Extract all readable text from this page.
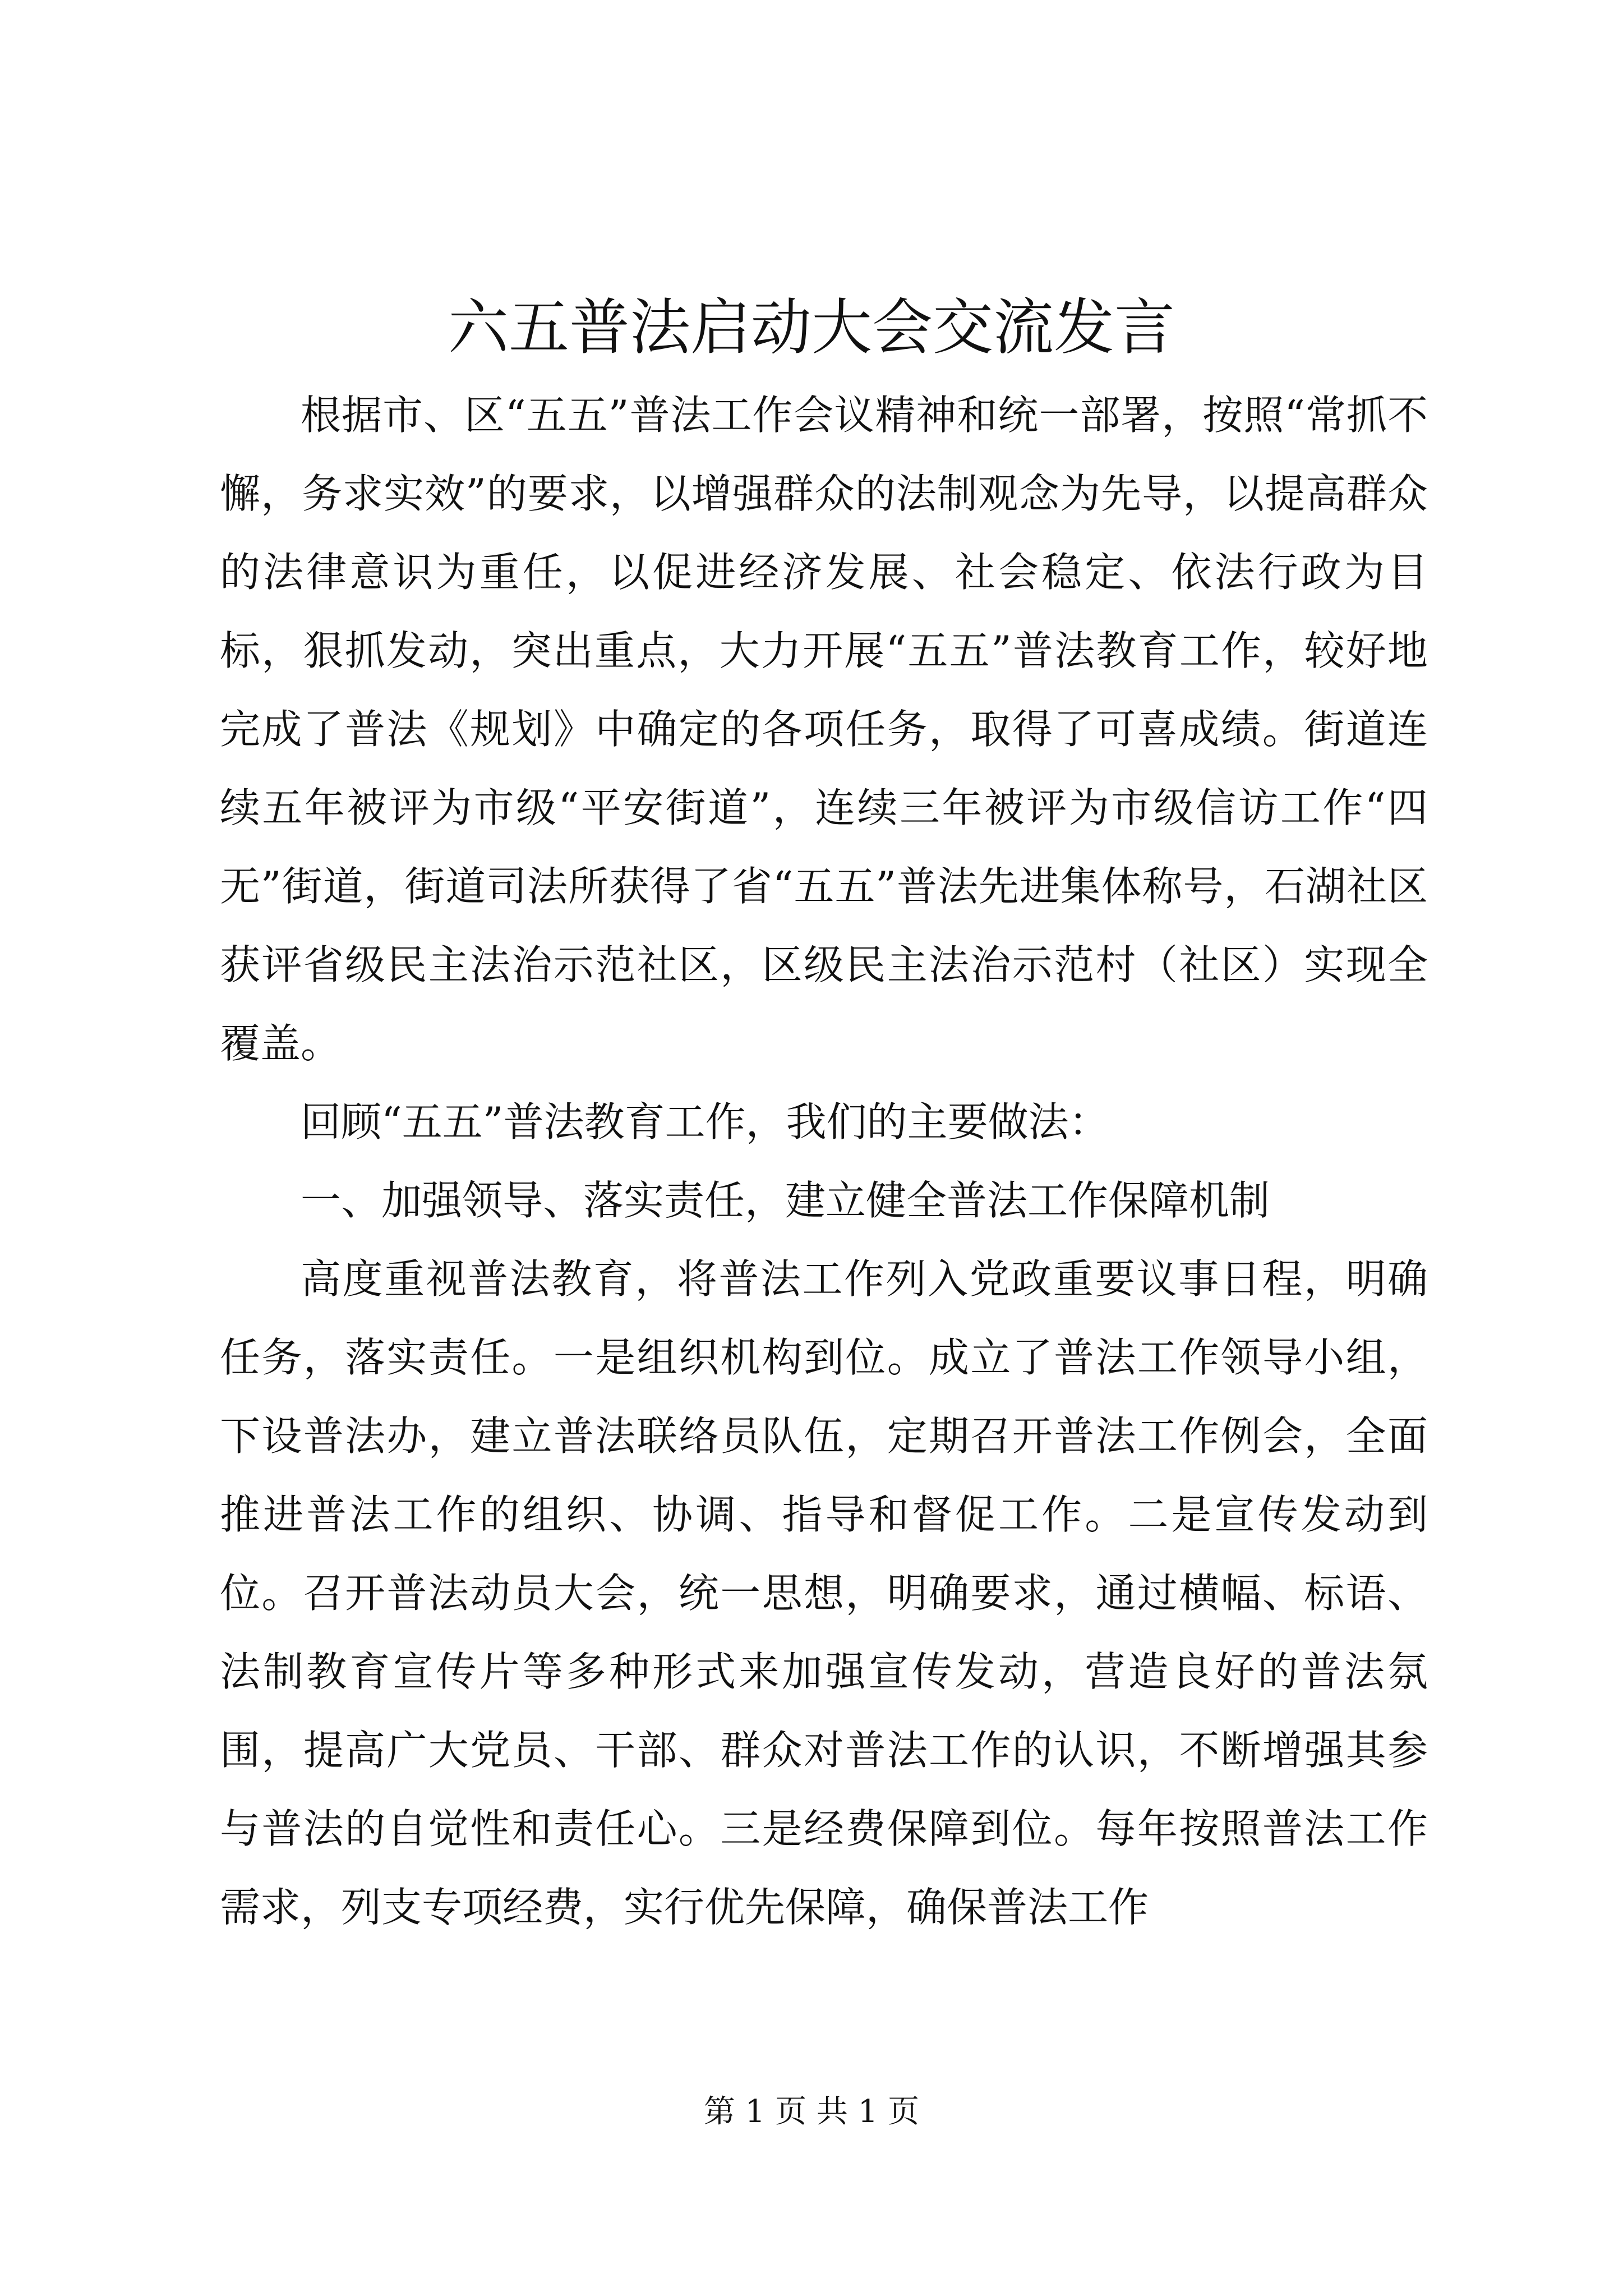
六五普法启动大会交流发言

根据市、区“五五”普法工作会议精神和统一部署，按照“常抓不懈，务求实效”的要求，以增强群众的法制观念为先导，以提高群众的法律意识为重任，以促进经济发展、社会稳定、依法行政为目标，狠抓发动，突出重点，大力开展“五五”普法教育工作，较好地完成了普法《规划》中确定的各项任务，取得了可喜成绩。街道连续五年被评为市级“平安街道”，连续三年被评为市级信访工作“四无”街道，街道司法所获得了省“五五”普法先进集体称号，石湖社区获评省级民主法治示范社区，区级民主法治示范村（社区）实现全覆盖。

回顾“五五”普法教育工作，我们的主要做法：

一、加强领导、落实责任，建立健全普法工作保障机制

高度重视普法教育，将普法工作列入党政重要议事日程，明确任务，落实责任。一是组织机构到位。成立了普法工作领导小组，下设普法办，建立普法联络员队伍，定期召开普法工作例会，全面推进普法工作的组织、协调、指导和督促工作。二是宣传发动到位。召开普法动员大会，统一思想，明确要求，通过横幅、标语、法制教育宣传片等多种形式来加强宣传发动，营造良好的普法氛围，提高广大党员、干部、群众对普法工作的认识，不断增强其参与普法的自觉性和责任心。三是经费保障到位。每年按照普法工作需求，列支专项经费，实行优先保障，确保普法工作

第 1 页 共 1 页
